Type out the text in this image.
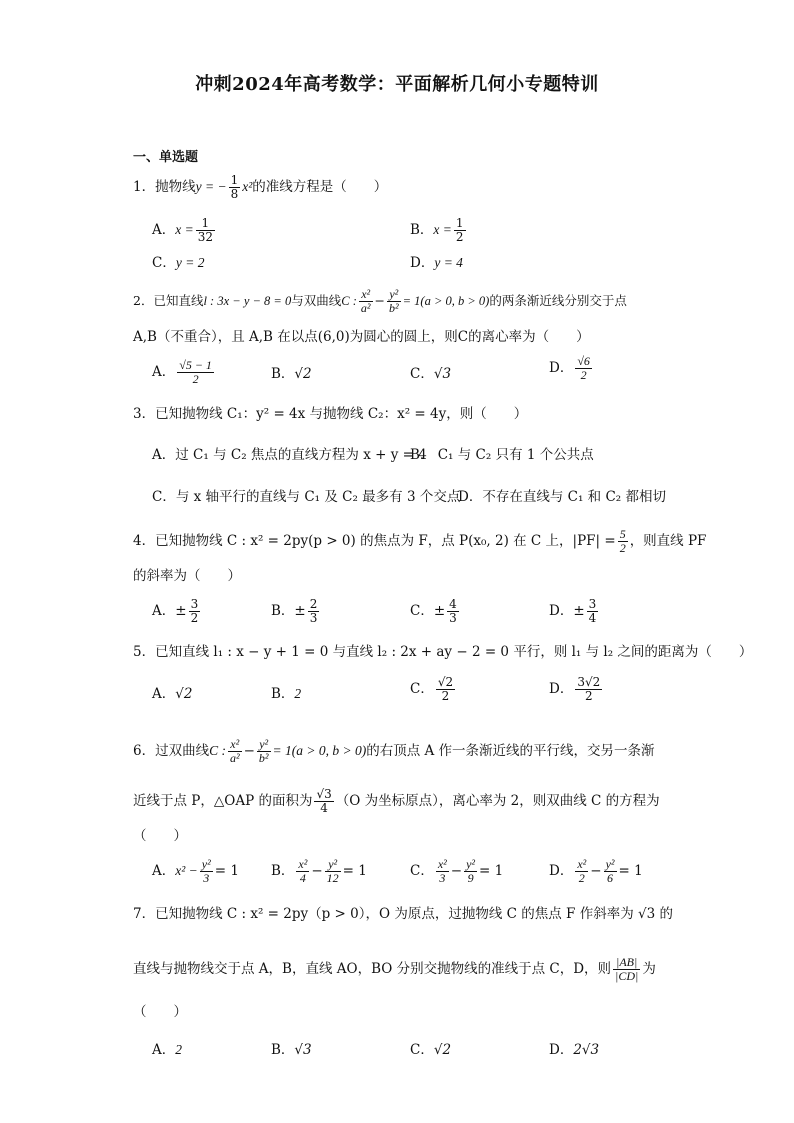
冲刺2024年高考数学：平面解析几何小专题特训
一、单选题
1．抛物线y = − $\frac{1}{8} x^2$的准线方程是（　　）
A．$x = \frac{1}{32}$	B．$x = \frac{1}{2}$
C．y = 2	D．y = 4
2．已知直线l : 3x − y − 8 = 0与双曲线C : $\frac{\text{x²}}{\text{a²}} - \frac{\text{y²}}{\text{b²}} = 1(a > 0$, b > 0)的两条渐近线分别交于点
A,B（不重合），且 A,B 在以点(6,0)为圆心的圆上，则C的离心率为（　　）
A． $\frac{√5 - 1}{2}$	B．√2	C．√3	D． $\frac{√6}{2}$
3．已知抛物线 C₁：y² = 4x 与抛物线 C₂：x² = 4y，则（　　）
A．过 C₁ 与 C₂ 焦点的直线方程为 x + y = 4
B． C₁ 与 C₂ 只有 1 个公共点
C．与 x 轴平行的直线与 C₁ 及 C₂ 最多有 3 个交点
D．不存在直线与 C₁ 和 C₂ 都相切
4．已知抛物线 C : x² = 2py(p > 0) 的焦点为 F，点 P(x₀, 2) 在 C 上，$|PF| = \frac{5}{2}$ ，则直线 PF
的斜率为（　　）
A．± $\frac{3}{2}$	B．± $\frac{2}{3}$	C．± $\frac{4}{3}$	D．± $\frac{3}{4}$
5．已知直线 l₁ : x − y + 1 = 0 与直线 l₂ : 2x + ay − 2 = 0 平行，则 l₁ 与 l₂ 之间的距离为（　　）
A．√2	B．2	C． $\frac{√2}{2}$	D． $\frac{3√2}{2}$
6．过双曲线C : $\frac{\text{x²}}{\text{a²}} - \frac{\text{y²}}{\text{b²}} = 1(a > 0$, b > 0)的右顶点 A 作一条渐近线的平行线，交另一条渐
近线于点 P，△OAP 的面积为 $\frac{√3}{4} (O$ 为坐标原点），离心率为 2，则双曲线 C 的方程为
（　　）
A．$x^2 - \frac{\text{y²}}{3} = 1$ B． $\frac{\text{x²}}{4} - \frac{\text{y²}}{12} = 1$	C． $\frac{\text{x²}}{3} - \frac{\text{y²}}{9} = 1$	D． $\frac{\text{x²}}{2} - \frac{\text{y²}}{6} = 1$
7．已知抛物线 C : x² = 2py（p > 0），O 为原点，过抛物线 C 的焦点 F 作斜率为 √3 的
直线与抛物线交于点 A，B，直线 AO，BO 分别交抛物线的准线于点 C，D，则 $\frac{|AB|}{|CD|}$ 为
（　　）
A．2	B．√3	C．√2	D．2√3
